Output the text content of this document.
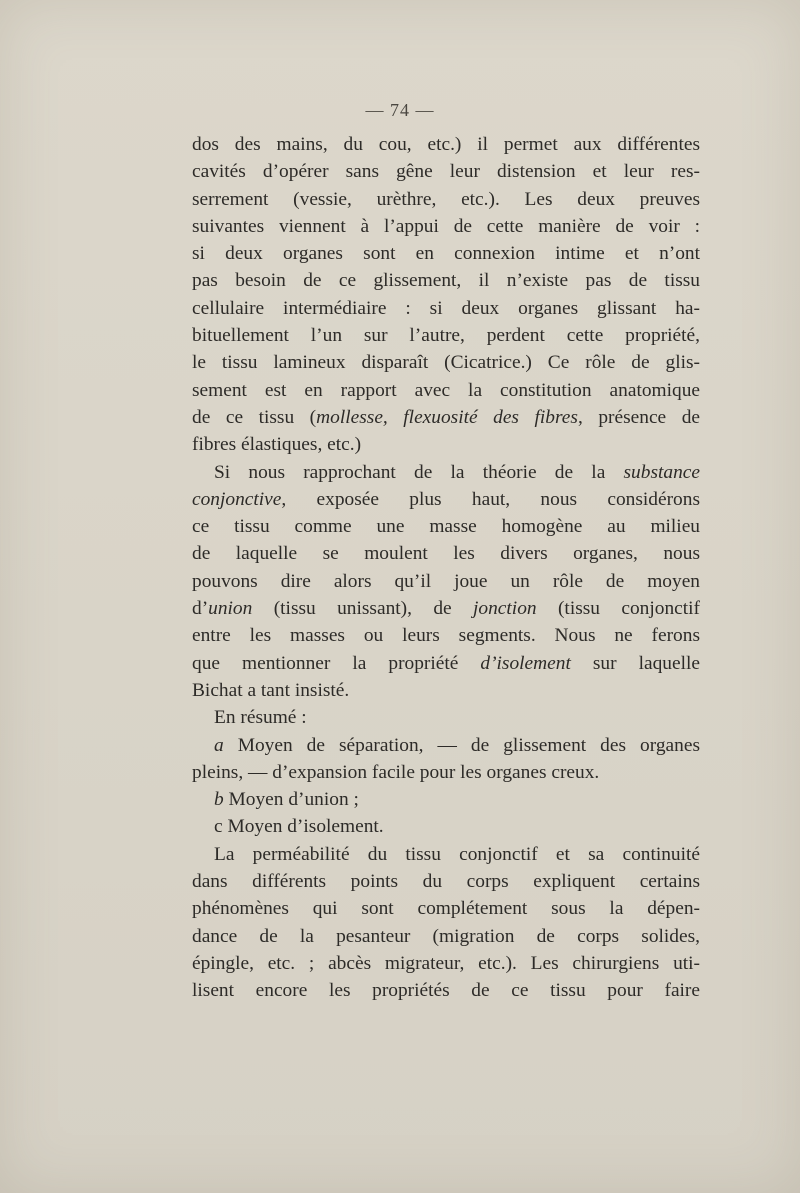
— 74 —
dos des mains, du cou, etc.) il permet aux différentes
cavités d’opérer sans gêne leur distension et leur res-
serrement (vessie, urèthre, etc.). Les deux preuves
suivantes viennent à l’appui de cette manière de voir :
si deux organes sont en connexion intime et n’ont
pas besoin de ce glissement, il n’existe pas de tissu
cellulaire intermédiaire : si deux organes glissant ha-
bituellement l’un sur l’autre, perdent cette propriété,
le tissu lamineux disparaît (Cicatrice.) Ce rôle de glis-
sement est en rapport avec la constitution anatomique
de ce tissu (mollesse, flexuosité des fibres, présence de
fibres élastiques, etc.)
Si nous rapprochant de la théorie de la substance
conjonctive, exposée plus haut, nous considérons
ce tissu comme une masse homogène au milieu
de laquelle se moulent les divers organes, nous
pouvons dire alors qu’il joue un rôle de moyen
d’union (tissu unissant), de jonction (tissu conjonctif
entre les masses ou leurs segments. Nous ne ferons
que mentionner la propriété d’isolement sur laquelle
Bichat a tant insisté.
En résumé :
a Moyen de séparation, — de glissement des organes
pleins, — d’expansion facile pour les organes creux.
b Moyen d’union ;
c Moyen d’isolement.
La perméabilité du tissu conjonctif et sa continuité
dans différents points du corps expliquent certains
phénomènes qui sont complétement sous la dépen-
dance de la pesanteur (migration de corps solides,
épingle, etc. ; abcès migrateur, etc.). Les chirurgiens uti-
lisent encore les propriétés de ce tissu pour faire
